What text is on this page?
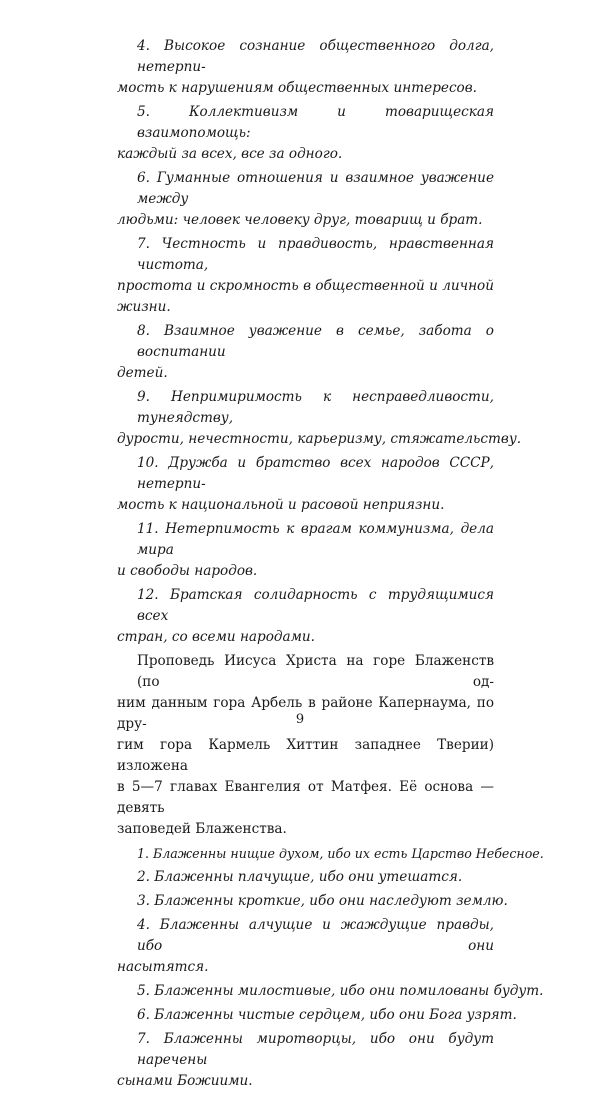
4. Высокое сознание общественного долга, нетерпи-
мость к нарушениям общественных интересов.
5. Коллективизм и товарищеская взаимопомощь:
каждый за всех, все за одного.
6. Гуманные отношения и взаимное уважение между
людьми: человек человеку друг, товарищ и брат.
7. Честность и правдивость, нравственная чистота,
простота и скромность в общественной и личной жизни.
8. Взаимное уважение в семье, забота о воспитании
детей.
9. Непримиримость к несправедливости, тунеядству,
дурости, нечестности, карьеризму, стяжательству.
10. Дружба и братство всех народов СССР, нетерпи-
мость к национальной и расовой неприязни.
11. Нетерпимость к врагам коммунизма, дела мира
и свободы народов.
12. Братская солидарность с трудящимися всех
стран, со всеми народами.
Проповедь Иисуса Христа на горе Блаженств (по од-
ним данным гора Арбель в районе Капернаума, по дру-
гим гора Кармель Хиттин западнее Тверии) изложена
в 5—7 главах Евангелия от Матфея. Её основа — девять
заповедей Блаженства.
1. Блаженны нищие духом, ибо их есть Царство Небесное.
2. Блаженны плачущие, ибо они утешатся.
3. Блаженны кроткие, ибо они наследуют землю.
4. Блаженны алчущие и жаждущие правды, ибо они
насытятся.
5. Блаженны милостивые, ибо они помилованы будут.
6. Блаженны чистые сердцем, ибо они Бога узрят.
7. Блаженны миротворцы, ибо они будут наречены
сынами Божиими.
9
